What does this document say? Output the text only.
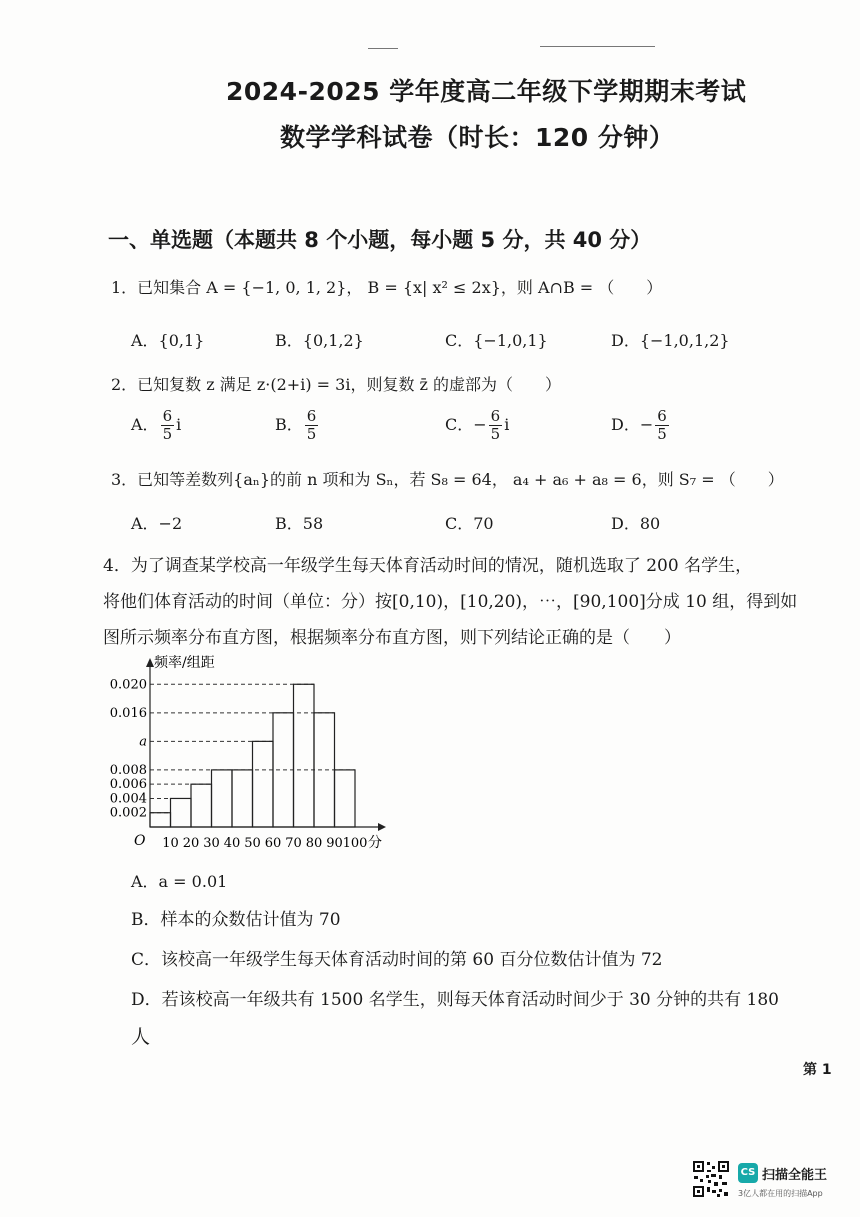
2024-2025 学年度高二年级下学期期末考试
数学学科试卷（时长：120 分钟）
一、单选题（本题共 8 个小题，每小题 5 分，共 40 分）
1．已知集合 A = {−1, 0, 1, 2}， B = {x| x² ≤ 2x}，则 A∩B = （　　）
A．{0,1}	B．{0,1,2}	C．{−1,0,1}	D．{−1,0,1,2}
2．已知复数 z 满足 z·(2+i) = 3i，则复数 z̄ 的虚部为（　　）
A． $\frac{6}{5}$ i	B． $\frac{6}{5}$	C．− $\frac{6}{5}$ i	D．− $\frac{6}{5}$
3．已知等差数列{aₙ}的前 n 项和为 Sₙ，若 S₈ = 64， a₄ + a₆ + a₈ = 6，则 S₇ = （　　）
A．−2	B．58	C．70	D．80
4．为了调查某学校高一年级学生每天体育活动时间的情况，随机选取了 200 名学生，
将他们体育活动的时间（单位：分）按[0,10)，[10,20)，⋯，[90,100]分成 10 组，得到如
图所示频率分布直方图，根据频率分布直方图，则下列结论正确的是（　　）
0.002
0.004
0.006
0.008
a
0.016
0.020
10 20 30 40 50 60 70 80 90 100
O
频率/组距
分
A．a = 0.01
B．样本的众数估计值为 70
C．该校高一年级学生每天体育活动时间的第 60 百分位数估计值为 72
D．若该校高一年级共有 1500 名学生，则每天体育活动时间少于 30 分钟的共有 180
人
第 1
CS 扫描全能王
3亿人都在用的扫描App
